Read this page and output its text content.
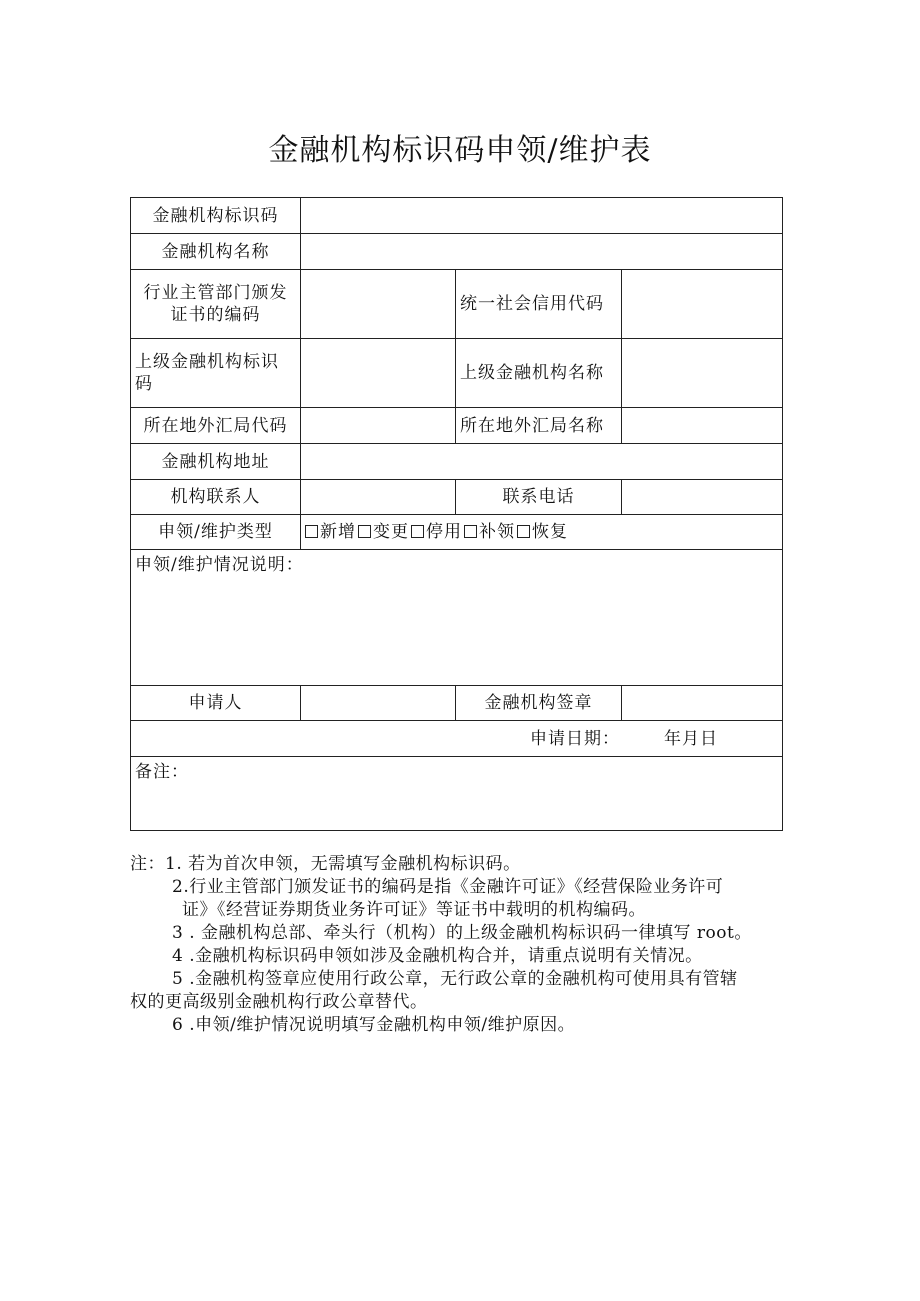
金融机构标识码申领/维护表
金融机构标识码			
金融机构名称			
行业主管部门颁发证书的编码		统一社会信用代码	
上级金融机构标识码		上级金融机构名称	
所在地外汇局代码		所在地外汇局名称	
金融机构地址			
机构联系人		联系电话	
申领/维护类型	新增 变更 停用 补领 恢复		
申领/维护情况说明：			
申请人		金融机构签章	
申请日期： 年月日			
备注：			
注：1. 若为首次申领，无需填写金融机构标识码。
2.行业主管部门颁发证书的编码是指《金融许可证》《经营保险业务许可
证》《经营证券期货业务许可证》等证书中载明的机构编码。
3 . 金融机构总部、牵头行（机构）的上级金融机构标识码一律填写 root。
4 .金融机构标识码申领如涉及金融机构合并，请重点说明有关情况。
5 .金融机构签章应使用行政公章，无行政公章的金融机构可使用具有管辖
权的更高级别金融机构行政公章替代。
6 .申领/维护情况说明填写金融机构申领/维护原因。
